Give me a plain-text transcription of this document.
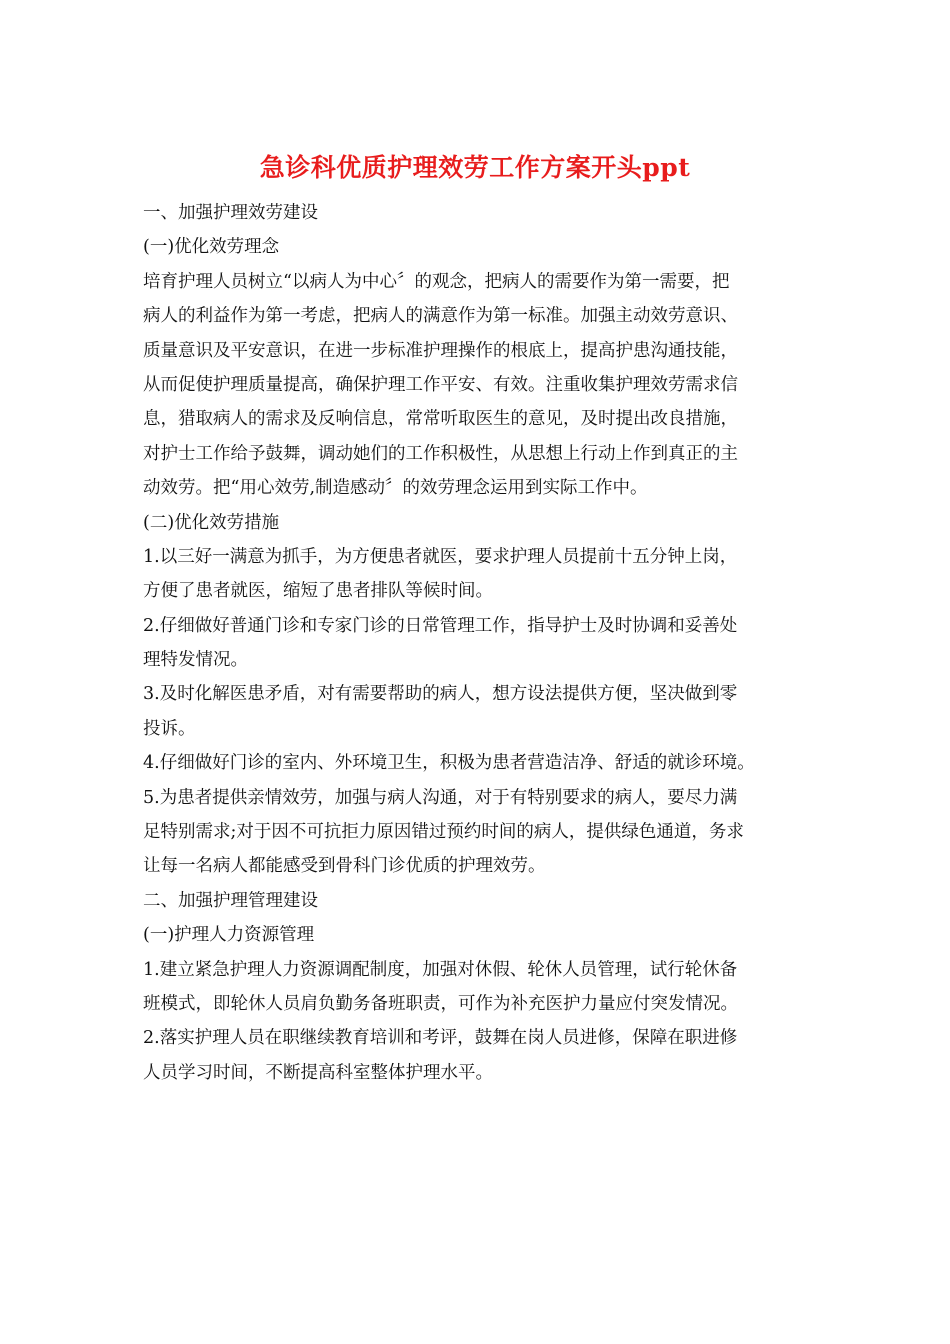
急诊科优质护理效劳工作方案开头ppt
一、加强护理效劳建设
(一)优化效劳理念
培育护理人员树立“以病人为中心〞的观念，把病人的需要作为第一需要，把
病人的利益作为第一考虑，把病人的满意作为第一标准。加强主动效劳意识、
质量意识及平安意识，在进一步标准护理操作的根底上，提高护患沟通技能，
从而促使护理质量提高，确保护理工作平安、有效。注重收集护理效劳需求信
息，猎取病人的需求及反响信息，常常听取医生的意见，及时提出改良措施，
对护士工作给予鼓舞，调动她们的工作积极性，从思想上行动上作到真正的主
动效劳。把“用心效劳,制造感动〞的效劳理念运用到实际工作中。
(二)优化效劳措施
1.以三好一满意为抓手，为方便患者就医，要求护理人员提前十五分钟上岗，
方便了患者就医，缩短了患者排队等候时间。
2.仔细做好普通门诊和专家门诊的日常管理工作，指导护士及时协调和妥善处
理特发情况。
3.及时化解医患矛盾，对有需要帮助的病人，想方设法提供方便，坚决做到零
投诉。
4.仔细做好门诊的室内、外环境卫生，积极为患者营造洁净、舒适的就诊环境。
5.为患者提供亲情效劳，加强与病人沟通，对于有特别要求的病人，要尽力满
足特别需求;对于因不可抗拒力原因错过预约时间的病人，提供绿色通道，务求
让每一名病人都能感受到骨科门诊优质的护理效劳。
二、加强护理管理建设
(一)护理人力资源管理
1.建立紧急护理人力资源调配制度，加强对休假、轮休人员管理，试行轮休备
班模式，即轮休人员肩负勤务备班职责，可作为补充医护力量应付突发情况。
2.落实护理人员在职继续教育培训和考评，鼓舞在岗人员进修，保障在职进修
人员学习时间，不断提高科室整体护理水平。
